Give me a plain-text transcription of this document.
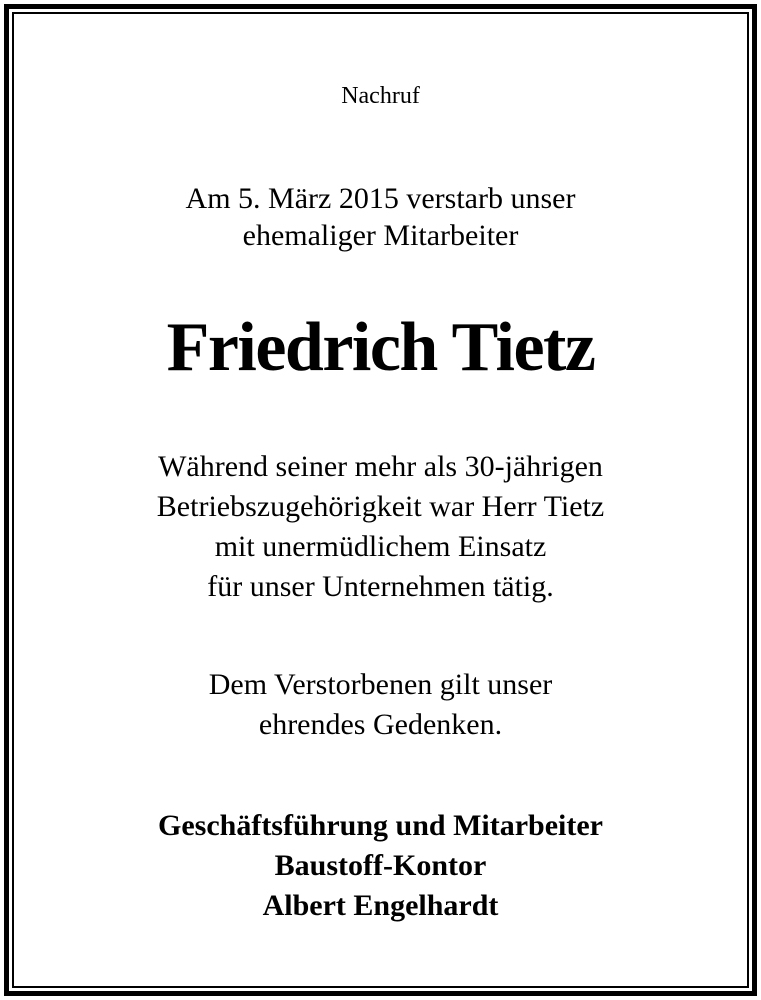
Nachruf
Am 5. März 2015 verstarb unser
ehemaliger Mitarbeiter
Friedrich Tietz
Während seiner mehr als 30-jährigen
Betriebszugehörigkeit war Herr Tietz
mit unermüdlichem Einsatz
für unser Unternehmen tätig.
Dem Verstorbenen gilt unser
ehrendes Gedenken.
Geschäftsführung und Mitarbeiter
Baustoff-Kontor
Albert Engelhardt
